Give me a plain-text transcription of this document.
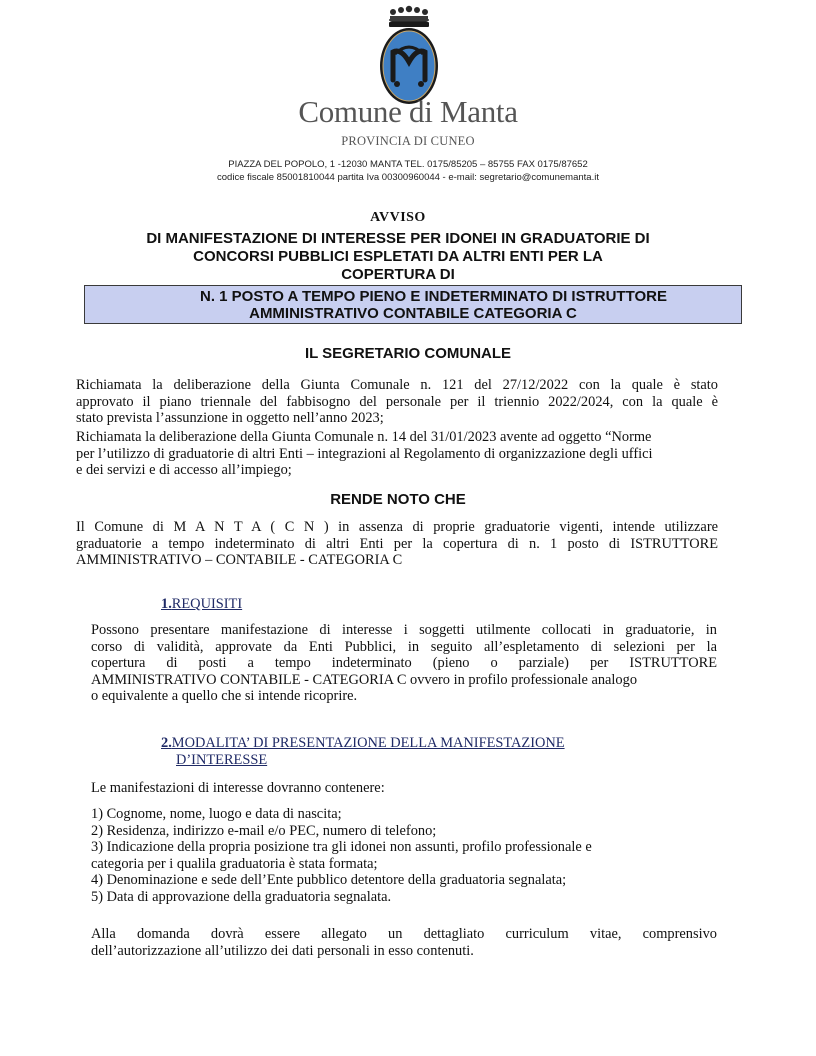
Comune di Manta
PROVINCIA DI CUNEO
PIAZZA DEL POPOLO, 1 -12030 MANTA TEL. 0175/85205 – 85755 FAX 0175/87652
codice fiscale 85001810044 partita Iva 00300960044 - e-mail: segretario@comunemanta.it
AVVISO
DI MANIFESTAZIONE DI INTERESSE PER IDONEI IN GRADUATORIE DI
CONCORSI PUBBLICI ESPLETATI DA ALTRI ENTI PER LA
COPERTURA DI
N. 1 POSTO A TEMPO PIENO E INDETERMINATO DI ISTRUTTORE
AMMINISTRATIVO CONTABILE CATEGORIA C
IL SEGRETARIO COMUNALE
Richiamata la deliberazione della Giunta Comunale n. 121 del 27/12/2022 con la quale è stato
approvato il piano triennale del fabbisogno del personale per il triennio 2022/2024, con la quale è
stato prevista l’assunzione in oggetto nell’anno 2023;
Richiamata la deliberazione della Giunta Comunale n. 14 del 31/01/2023 avente ad oggetto “Norme
per l’utilizzo di graduatorie di altri Enti – integrazioni al Regolamento di organizzazione degli uffici
e dei servizi e di accesso all’impiego;
RENDE NOTO CHE
Il Comune di M A N T A ( C N ) in assenza di proprie graduatorie vigenti, intende utilizzare
graduatorie a tempo indeterminato di altri Enti per la copertura di n. 1 posto di ISTRUTTORE
AMMINISTRATIVO – CONTABILE - CATEGORIA C
1.REQUISITI
Possono presentare manifestazione di interesse i soggetti utilmente collocati in graduatorie, in
corso di validità, approvate da Enti Pubblici, in seguito all’espletamento di selezioni per la
copertura di posti a tempo indeterminato (pieno o parziale) per ISTRUTTORE
AMMINISTRATIVO CONTABILE - CATEGORIA C ovvero in profilo professionale analogo
o equivalente a quello che si intende ricoprire.
2.MODALITA’ DI PRESENTAZIONE DELLA MANIFESTAZIONE
D’INTERESSE
Le manifestazioni di interesse dovranno contenere:
1) Cognome, nome, luogo e data di nascita;
2) Residenza, indirizzo e-mail e/o PEC, numero di telefono;
3) Indicazione della propria posizione tra gli idonei non assunti, profilo professionale e
categoria per i qualila graduatoria è stata formata;
4) Denominazione e sede dell’Ente pubblico detentore della graduatoria segnalata;
5) Data di approvazione della graduatoria segnalata.
Alla domanda dovrà essere allegato un dettagliato curriculum vitae, comprensivo
dell’autorizzazione all’utilizzo dei dati personali in esso contenuti.
